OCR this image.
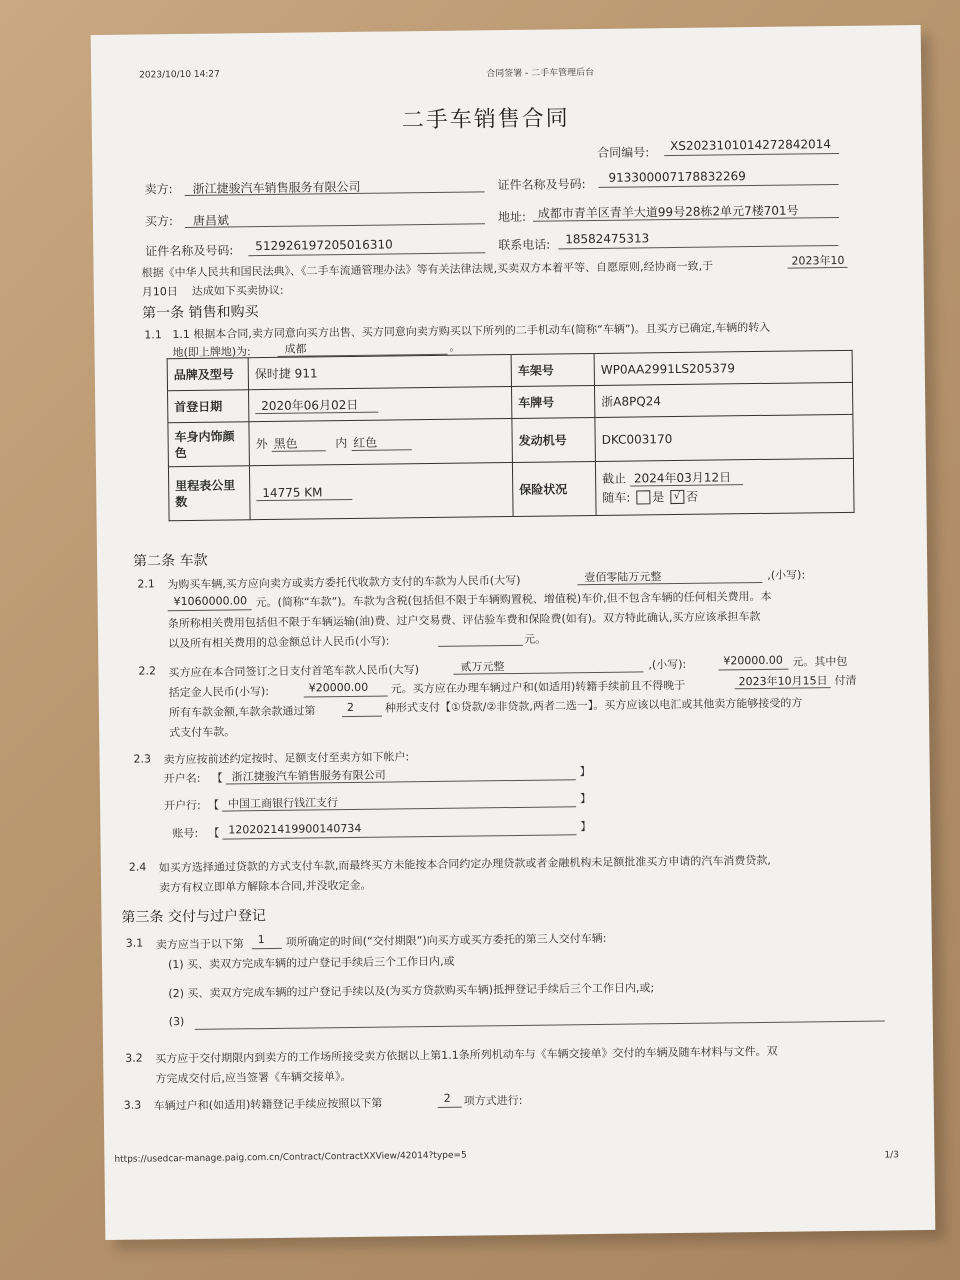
2023/10/10 14:27	合同签署 - 二手车管理后台
二手车销售合同
合同编号: XS2023101014272842014
卖方: 浙江捷骏汽车销售服务有限公司	证件名称及号码: 913300007178832269
买方: 唐昌斌	地址: 成都市青羊区青羊大道99号28栋2单元7楼701号
证件名称及号码: 512926197205016310	联系电话: 18582475313
根据《中华人民共和国民法典》、《二手车流通管理办法》等有关法律法规,买卖双方本着平等、自愿原则,经协商一致,于	2023年10
月10日 达成如下买卖协议:
第一条 销售和购买
1.1 1.1 根据本合同,卖方同意向买方出售、买方同意向卖方购买以下所列的二手机动车(简称“车辆”)。且买方已确定,车辆的转入
地(即上牌地)为:	成都	。
品牌及型号	保时捷 911	车架号	WP0AA2991LS205379
首登日期	2020年06月02日	车牌号	浙A8PQ24
车身内饰颜色	外 黑色 内 红色	发动机号	DKC003170
里程表公里数	14775 KM	保险状况	截止 2024年03月12日
随车: 是 √ 否
第二条 车款
2.1 为购买车辆,买方应向卖方或卖方委托代收款方支付的车款为人民币(大写)	壹佰零陆万元整	,(小写):
¥1060000.00 元。(简称“车款”)。车款为含税(包括但不限于车辆购置税、增值税)车价,但不包含车辆的任何相关费用。本
条所称相关费用包括但不限于车辆运输(油)费、过户交易费、评估验车费和保险费(如有)。双方特此确认,买方应该承担车款
以及所有相关费用的总金额总计人民币(小写):	元。
2.2 买方应在本合同签订之日支付首笔车款人民币(大写)	贰万元整	,(小写):	¥20000.00 元。其中包
括定金人民币(小写):	¥20000.00 元。买方应在办理车辆过户和(如适用)转籍手续前且不得晚于	2023年10月15日 付清
所有车款金额,车款余款通过第	2	种形式支付【①贷款/②非贷款,两者二选一】。买方应该以电汇或其他卖方能够接受的方
式支付车款。
2.3 卖方应按前述约定按时、足额支付至卖方如下帐户:
开户名: 【 浙江捷骏汽车销售服务有限公司	】
开户行: 【 中国工商银行钱江支行	】
账号: 【 1202021419900140734	】
2.4 如买方选择通过贷款的方式支付车款,而最终买方未能按本合同约定办理贷款或者金融机构未足额批准买方申请的汽车消费贷款,
卖方有权立即单方解除本合同,并没收定金。
第三条 交付与过户登记
3.1 卖方应当于以下第 1 项所确定的时间(“交付期限”)向买方或买方委托的第三人交付车辆:
(1) 买、卖双方完成车辆的过户登记手续后三个工作日内,或
(2) 买、卖双方完成车辆的过户登记手续以及(为买方贷款购买车辆)抵押登记手续后三个工作日内,或;
(3)
3.2 买方应于交付期限内到卖方的工作场所接受卖方依据以上第1.1条所列机动车与《车辆交接单》交付的车辆及随车材料与文件。双
方完成交付后,应当签署《车辆交接单》。
3.3 车辆过户和(如适用)转籍登记手续应按照以下第	2 项方式进行:
https://usedcar-manage.paig.com.cn/Contract/ContractXXView/42014?type=5	1/3
